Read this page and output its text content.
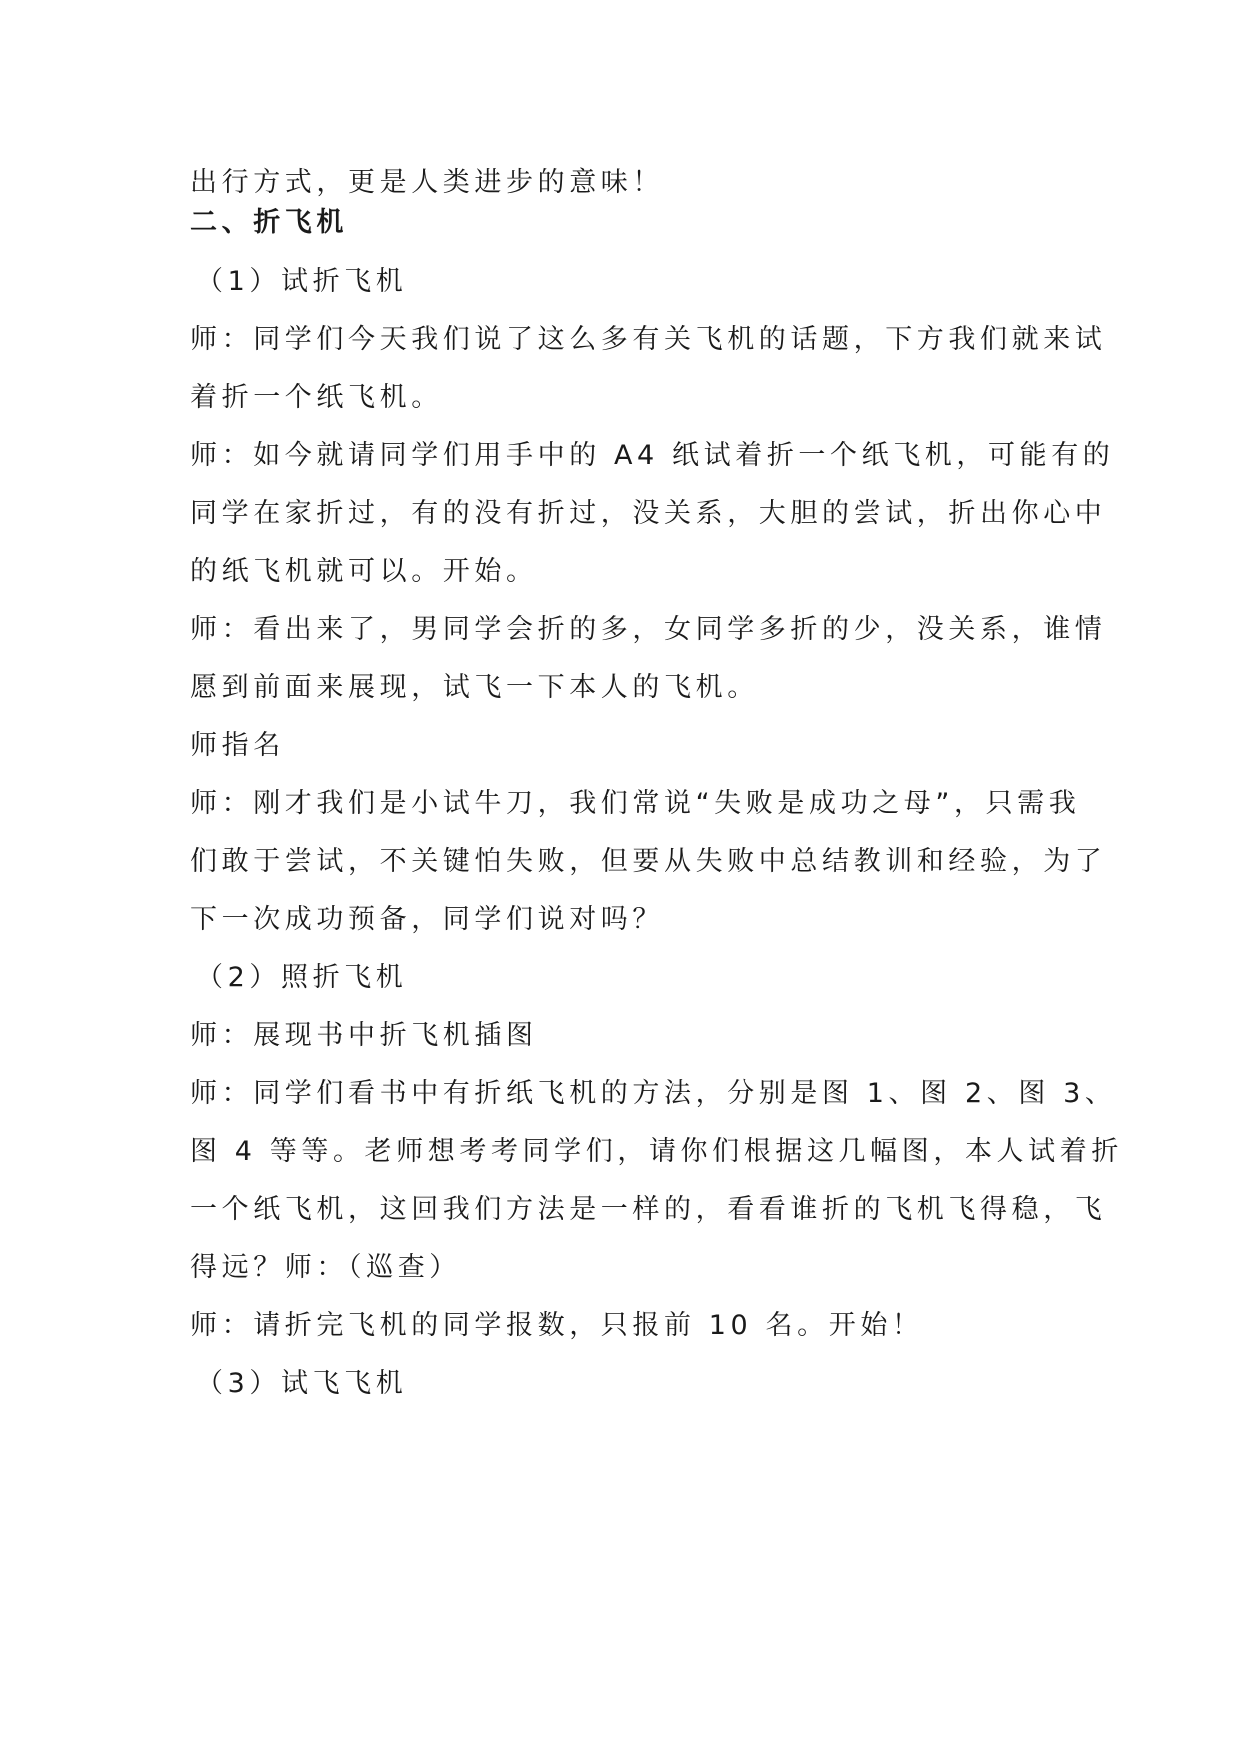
出行方式，更是人类进步的意味！
二、折飞机
（1）试折飞机
师：同学们今天我们说了这么多有关飞机的话题，下方我们就来试
着折一个纸飞机。
师：如今就请同学们用手中的 A4 纸试着折一个纸飞机，可能有的
同学在家折过，有的没有折过，没关系，大胆的尝试，折出你心中
的纸飞机就可以。开始。
师：看出来了，男同学会折的多，女同学多折的少，没关系，谁情
愿到前面来展现，试飞一下本人的飞机。
师指名
师：刚才我们是小试牛刀，我们常说“失败是成功之母”，只需我
们敢于尝试，不关键怕失败，但要从失败中总结教训和经验，为了
下一次成功预备，同学们说对吗？
（2）照折飞机
师：展现书中折飞机插图
师：同学们看书中有折纸飞机的方法，分别是图 1、图 2、图 3、
图 4 等等。老师想考考同学们，请你们根据这几幅图，本人试着折
一个纸飞机，这回我们方法是一样的，看看谁折的飞机飞得稳，飞
得远？师：（巡查）
师：请折完飞机的同学报数，只报前 10 名。开始！
（3）试飞飞机
